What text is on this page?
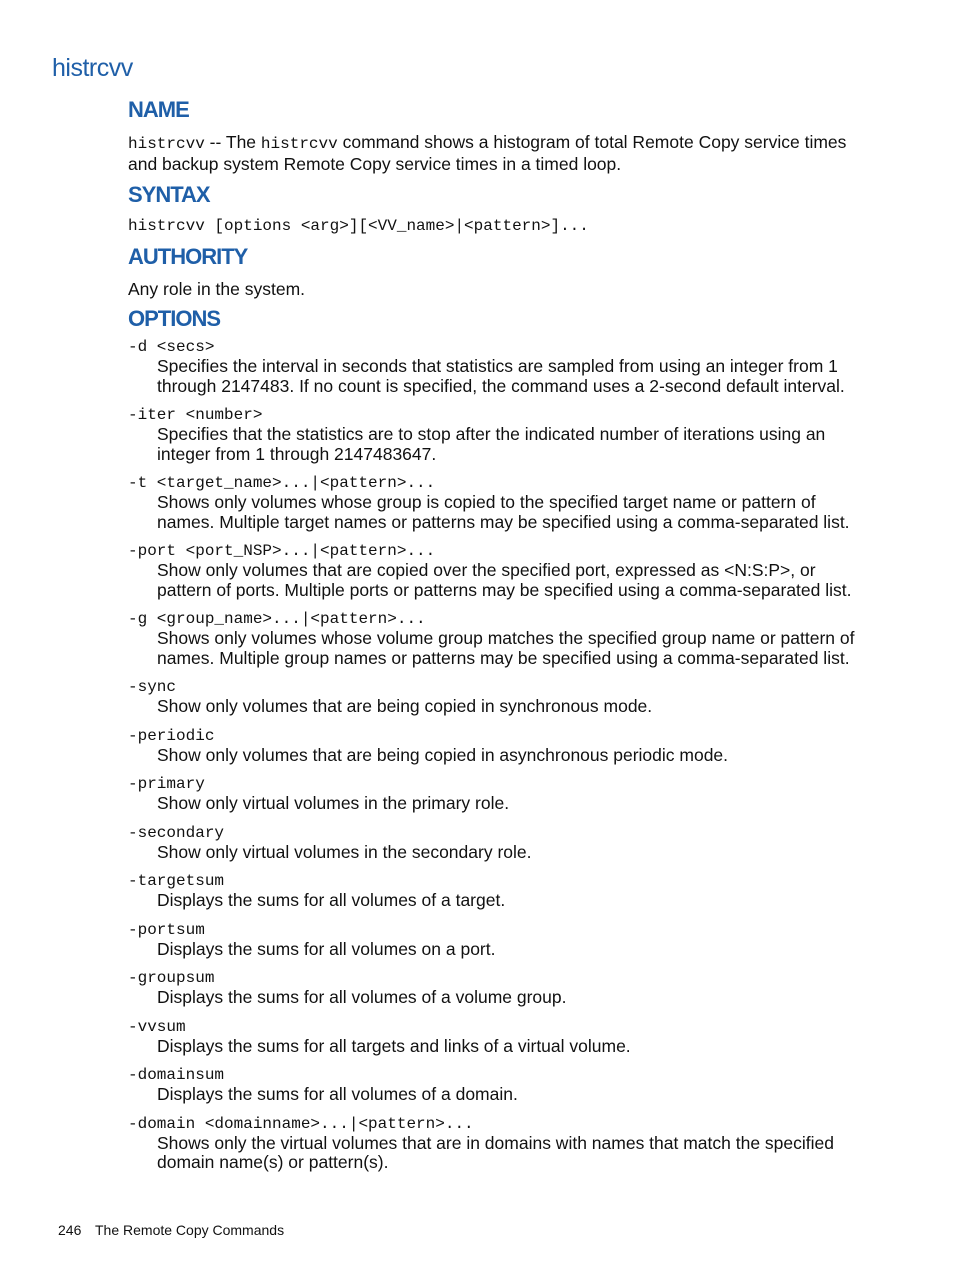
histrcvv
NAME

histrcvv -- The histrcvv command shows a histogram of total Remote Copy service times and backup system Remote Copy service times in a timed loop.

SYNTAX

histrcvv [options <arg>][<VV_name>|<pattern>]...

AUTHORITY

Any role in the system.

OPTIONS
-d <secs>
Specifies the interval in seconds that statistics are sampled from using an integer from 1 through 2147483. If no count is specified, the command uses a 2-second default interval.
-iter <number>
Specifies that the statistics are to stop after the indicated number of iterations using an integer from 1 through 2147483647.
-t <target_name>...|<pattern>...
Shows only volumes whose group is copied to the specified target name or pattern of names. Multiple target names or patterns may be specified using a comma-separated list.
-port <port_NSP>...|<pattern>...
Show only volumes that are copied over the specified port, expressed as <N:S:P>, or pattern of ports. Multiple ports or patterns may be specified using a comma-separated list.
-g <group_name>...|<pattern>...
Shows only volumes whose volume group matches the specified group name or pattern of names. Multiple group names or patterns may be specified using a comma-separated list.
-sync
Show only volumes that are being copied in synchronous mode.
-periodic
Show only volumes that are being copied in asynchronous periodic mode.
-primary
Show only virtual volumes in the primary role.
-secondary
Show only virtual volumes in the secondary role.
-targetsum
Displays the sums for all volumes of a target.
-portsum
Displays the sums for all volumes on a port.
-groupsum
Displays the sums for all volumes of a volume group.
-vvsum
Displays the sums for all targets and links of a virtual volume.
-domainsum
Displays the sums for all volumes of a domain.
-domain <domainname>...|<pattern>...
Shows only the virtual volumes that are in domains with names that match the specified domain name(s) or pattern(s).
246 The Remote Copy Commands
